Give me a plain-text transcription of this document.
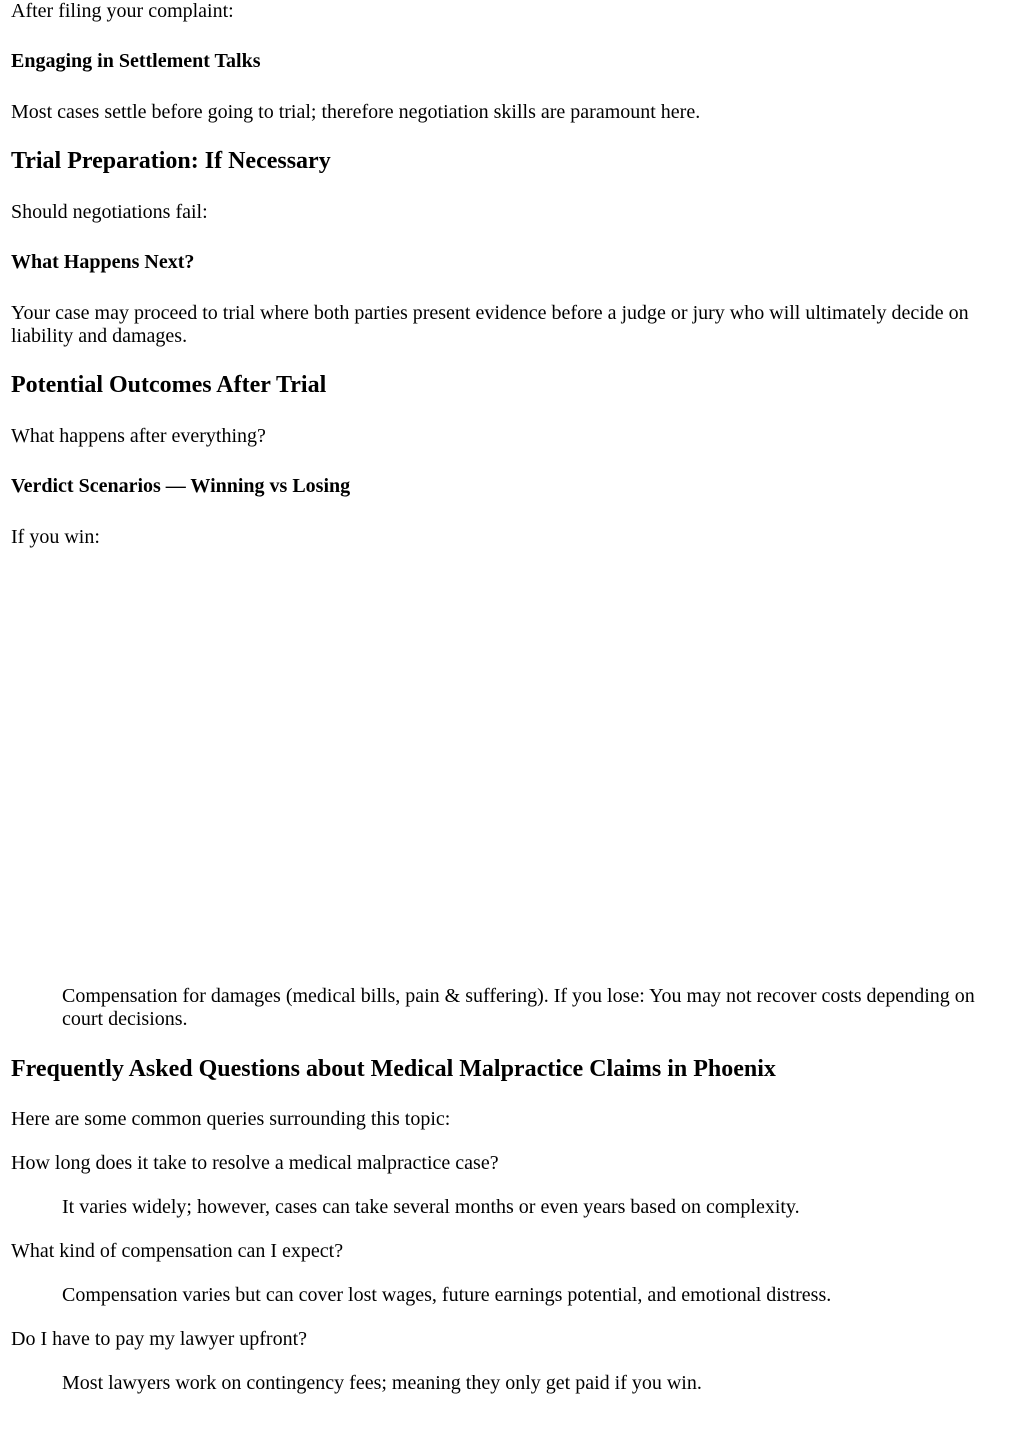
After filing your complaint:

Engaging in Settlement Talks

Most cases settle before going to trial; therefore negotiation skills are paramount here.

Trial Preparation: If Necessary

Should negotiations fail:

What Happens Next?

Your case may proceed to trial where both parties present evidence before a judge or jury who will ultimately decide on liability and damages.

Potential Outcomes After Trial

What happens after everything?

Verdict Scenarios — Winning vs Losing

If you win:

Compensation for damages (medical bills, pain & suffering). If you lose: You may not recover costs depending on court decisions.

Frequently Asked Questions about Medical Malpractice Claims in Phoenix

Here are some common queries surrounding this topic:

How long does it take to resolve a medical malpractice case?

It varies widely; however, cases can take several months or even years based on complexity.

What kind of compensation can I expect?

Compensation varies but can cover lost wages, future earnings potential, and emotional distress.

Do I have to pay my lawyer upfront?

Most lawyers work on contingency fees; meaning they only get paid if you win.
